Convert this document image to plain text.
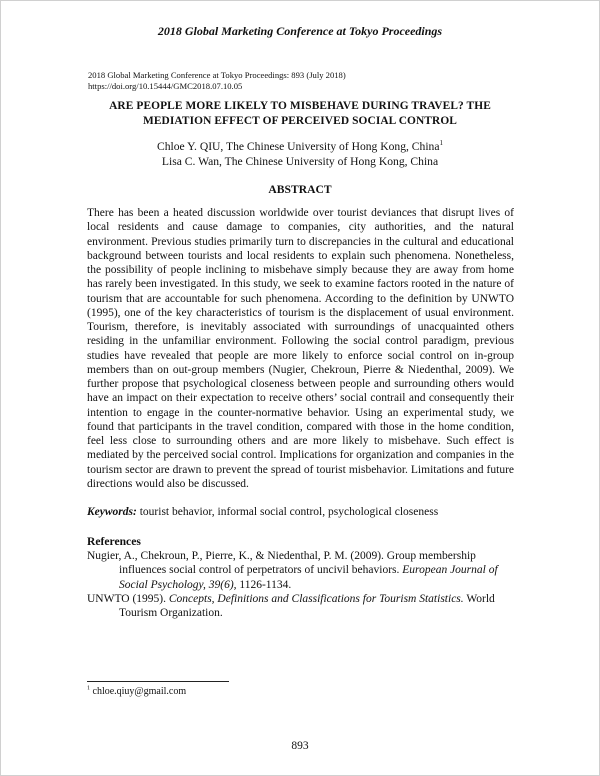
2018 Global Marketing Conference at Tokyo Proceedings
2018 Global Marketing Conference at Tokyo Proceedings: 893 (July 2018)
https://doi.org/10.15444/GMC2018.07.10.05
ARE PEOPLE MORE LIKELY TO MISBEHAVE DURING TRAVEL? THE
MEDIATION EFFECT OF PERCEIVED SOCIAL CONTROL
Chloe Y. QIU, The Chinese University of Hong Kong, China$^1$
Lisa C. Wan, The Chinese University of Hong Kong, China
ABSTRACT

There has been a heated discussion worldwide over tourist deviances that disrupt lives of local residents and cause damage to companies, city authorities, and the natural environment. Previous studies primarily turn to discrepancies in the cultural and educational background between tourists and local residents to explain such phenomena. Nonetheless, the possibility of people inclining to misbehave simply because they are away from home has rarely been investigated. In this study, we seek to examine factors rooted in the nature of tourism that are accountable for such phenomena. According to the definition by UNWTO (1995), one of the key characteristics of tourism is the displacement of usual environment. Tourism, therefore, is inevitably associated with surroundings of unacquainted others residing in the unfamiliar environment. Following the social control paradigm, previous studies have revealed that people are more likely to enforce social control on in-group members than on out-group members (Nugier, Chekroun, Pierre & Niedenthal, 2009). We further propose that psychological closeness between people and surrounding others would have an impact on their expectation to receive others’ social contrail and consequently their intention to engage in the counter-normative behavior. Using an experimental study, we found that participants in the travel condition, compared with those in the home condition, feel less close to surrounding others and are more likely to misbehave. Such effect is mediated by the perceived social control. Implications for organization and companies in the tourism sector are drawn to prevent the spread of tourist misbehavior. Limitations and future directions would also be discussed.

Keywords: tourist behavior, informal social control, psychological closeness
References
Nugier, A., Chekroun, P., Pierre, K., & Niedenthal, P. M. (2009). Group membership influences social control of perpetrators of uncivil behaviors. European Journal of Social Psychology, 39(6), 1126-1134.
UNWTO (1995). Concepts, Definitions and Classifications for Tourism Statistics. World Tourism Organization.
$^1$ chloe.qiuy@gmail.com
893
